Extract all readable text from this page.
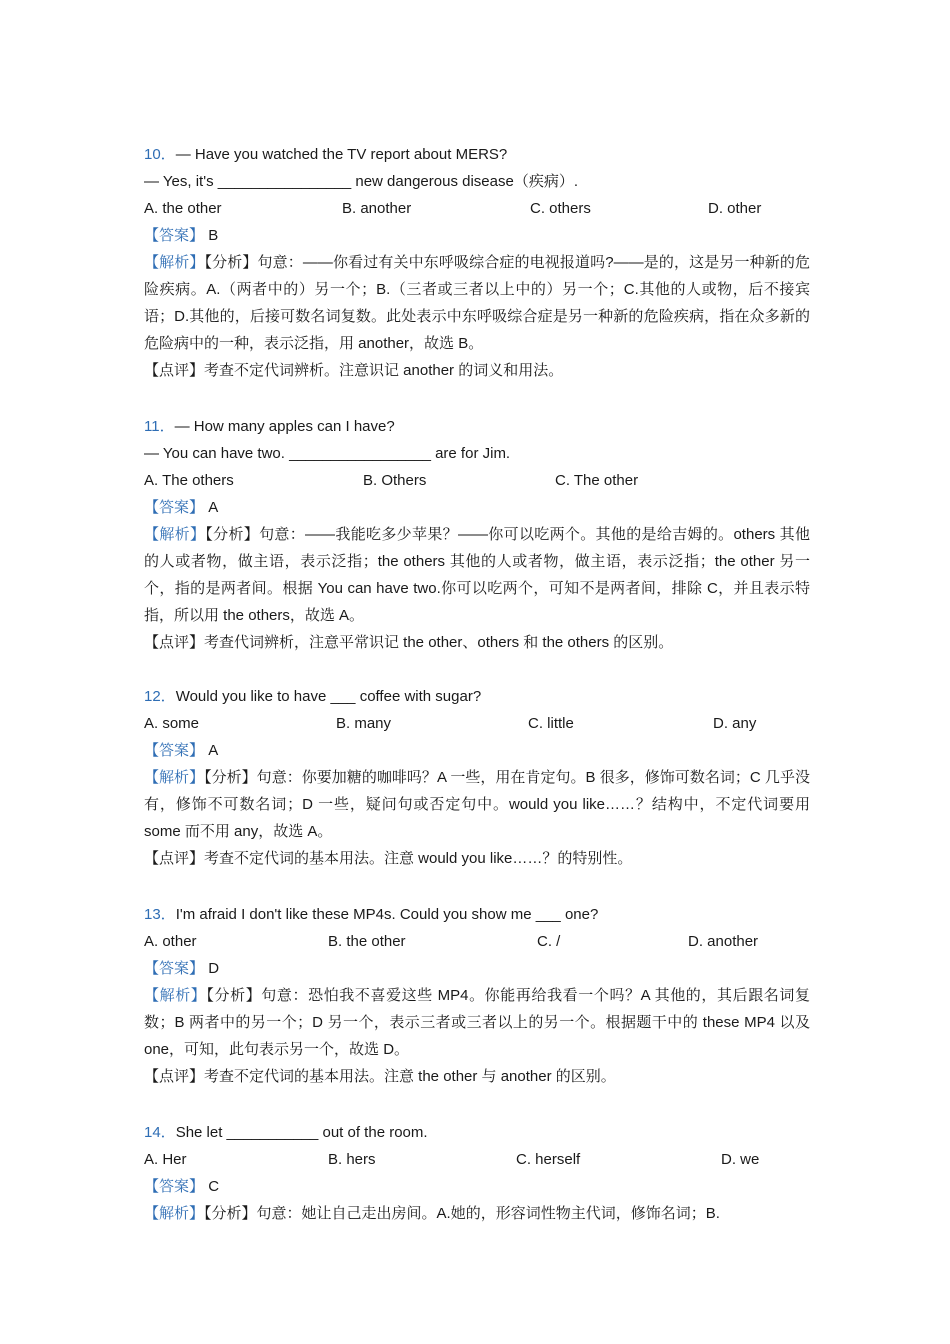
10．— Have you watched the TV report about MERS?
— Yes, it's ________________ new dangerous disease（疾病）.
A. the other	B. another	C. others	D. other
【答案】 B
【解析】【分析】句意：——你看过有关中东呼吸综合症的电视报道吗?——是的，这是另一种新的危险疾病。A.（两者中的）另一个；B.（三者或三者以上中的）另一个；C.其他的人或物，后不接宾语；D.其他的，后接可数名词复数。此处表示中东呼吸综合症是另一种新的危险疾病，指在众多新的危险病中的一种，表示泛指，用 another，故选 B。
【点评】考查不定代词辨析。注意识记 another 的词义和用法。
11．— How many apples can I have?
— You can have two. _________________ are for Jim.
A. The others	B. Others	C. The other
【答案】 A
【解析】【分析】句意：——我能吃多少苹果？——你可以吃两个。其他的是给吉姆的。others 其他的人或者物，做主语，表示泛指；the others 其他的人或者物，做主语，表示泛指；the other 另一个，指的是两者间。根据 You can have two.你可以吃两个，可知不是两者间，排除 C，并且表示特指，所以用 the others，故选 A。
【点评】考查代词辨析，注意平常识记 the other、others 和 the others 的区别。
12．Would you like to have ___ coffee with sugar?
A. some	B. many	C. little	D. any
【答案】 A
【解析】【分析】句意：你要加糖的咖啡吗？A 一些，用在肯定句。B 很多，修饰可数名词；C 几乎没有，修饰不可数名词；D 一些，疑问句或否定句中。would you like……？结构中，不定代词要用 some 而不用 any，故选 A。
【点评】考查不定代词的基本用法。注意 would you like……？的特别性。
13．I'm afraid I don't like these MP4s. Could you show me ___ one?
A. other	B. the other	C. /	D. another
【答案】 D
【解析】【分析】句意：恐怕我不喜爱这些 MP4。你能再给我看一个吗？A 其他的，其后跟名词复数；B 两者中的另一个；D 另一个，表示三者或三者以上的另一个。根据题干中的 these MP4 以及 one，可知，此句表示另一个，故选 D。
【点评】考查不定代词的基本用法。注意 the other 与 another 的区别。
14．She let ___________ out of the room.
A. Her	B. hers	C. herself	D. we
【答案】 C
【解析】【分析】句意：她让自己走出房间。A.她的，形容词性物主代词，修饰名词；B.
